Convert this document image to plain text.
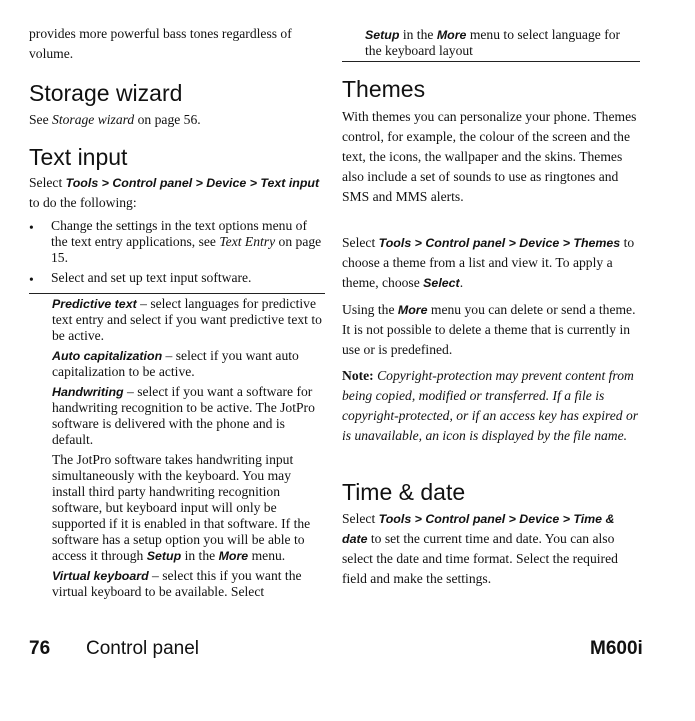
provides more powerful bass tones regardless of volume.

Storage wizard

See Storage wizard on page 56.

Text input

Select Tools > Control panel > Device > Text input to do the following:

•	Change the settings in the text options menu of the text entry applications, see Text Entry on page 15.

•	Select and set up text input software.

Predictive text – select languages for predictive text entry and select if you want predictive text to be active.

Auto capitalization – select if you want auto capitalization to be active.

Handwriting – select if you want a software for handwriting recognition to be active. The JotPro software is delivered with the phone and is default.

The JotPro software takes handwriting input simultaneously with the keyboard. You may install third party handwriting recognition software, but keyboard input will only be supported if it is enabled in that software. If the software has a setup option you will be able to access it through Setup in the More menu.

Virtual keyboard – select this if you want the virtual keyboard to be available. Select

Setup in the More menu to select language for the keyboard layout

Themes

With themes you can personalize your phone. Themes control, for example, the colour of the screen and the text, the icons, the wallpaper and the skins. Themes also include a set of sounds to use as ringtones and SMS and MMS alerts.

Select Tools > Control panel > Device > Themes to choose a theme from a list and view it. To apply a theme, choose Select.

Using the More menu you can delete or send a theme. It is not possible to delete a theme that is currently in use or is predefined.

Note: Copyright-protection may prevent content from being copied, modified or transferred. If a file is copyright-protected, or if an access key has expired or is unavailable, an icon is displayed by the file name.

Time & date

Select Tools > Control panel > Device > Time & date to set the current time and date. You can also select the date and time format. Select the required field and make the settings.

76 Control panel	M600i
